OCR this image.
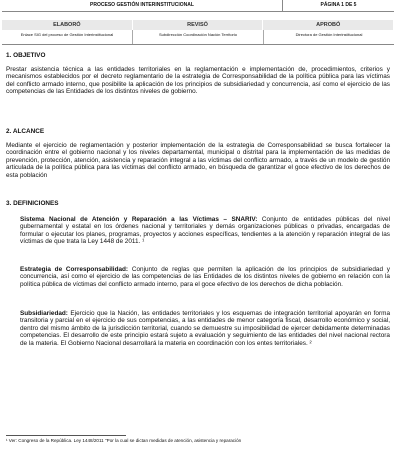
PROCESO GESTIÓN INTERINSTITUCIONAL	PÁGINA 1 DE 5
ELABORÓ	REVISÓ	APROBÓ
Enlace SIG del proceso de Gestión Interinstitucional	Subdirección Coordinación Nación Territorio	Directora de Gestión Interinstitucional
1. OBJETIVO
Prestar asistencia técnica a las entidades territoriales en la reglamentación e implementación de, procedimientos, criterios y mecanismos establecidos por el decreto reglamentario de la estrategia de Corresponsabilidad de la política pública para las víctimas del conflicto armado interno, que posibilite la aplicación de los principios de subsidiariedad y concurrencia, así como el ejercicio de las competencias de las Entidades de los distintos niveles de gobierno.
2. ALCANCE
Mediante el ejercicio de reglamentación y posterior implementación de la estrategia de Corresponsabilidad se busca fortalecer la coordinación entre el gobierno nacional y los niveles departamental, municipal o distrital para la implementación de las medidas de prevención, protección, atención, asistencia y reparación integral a las víctimas del conflicto armado, a través de un modelo de gestión articulada de la política pública para las víctimas del conflicto armado, en búsqueda de garantizar el goce efectivo de los derechos de esta población
3. DEFINICIONES
Sistema Nacional de Atención y Reparación a las Víctimas – SNARIV: Conjunto de entidades públicas del nivel gubernamental y estatal en los órdenes nacional y territoriales y demás organizaciones públicas o privadas, encargadas de formular o ejecutar los planes, programas, proyectos y acciones específicas, tendientes a la atención y reparación integral de las víctimas de que trata la Ley 1448 de 2011. ¹
Estrategia de Corresponsabilidad: Conjunto de reglas que permiten la aplicación de los principios de subsidiariedad y concurrencia, así como el ejercicio de las competencias de las Entidades de los distintos niveles de gobierno en relación con la política pública de víctimas del conflicto armado interno, para el goce efectivo de los derechos de dicha población.
Subsidiariedad: Ejercicio que la Nación, las entidades territoriales y los esquemas de integración territorial apoyarán en forma transitoria y parcial en el ejercicio de sus competencias, a las entidades de menor categoría fiscal, desarrollo económico y social, dentro del mismo ámbito de la jurisdicción territorial, cuando se demuestre su imposibilidad de ejercer debidamente determinadas competencias. El desarrollo de este principio estará sujeto a evaluación y seguimiento de las entidades del nivel nacional rectora de la materia. El Gobierno Nacional desarrollará la materia en coordinación con los entes territoriales. ²
¹ Ver: Congreso de la República. Ley 1448/2011 "Por la cual se dictan medidas de atención, asistencia y reparación
